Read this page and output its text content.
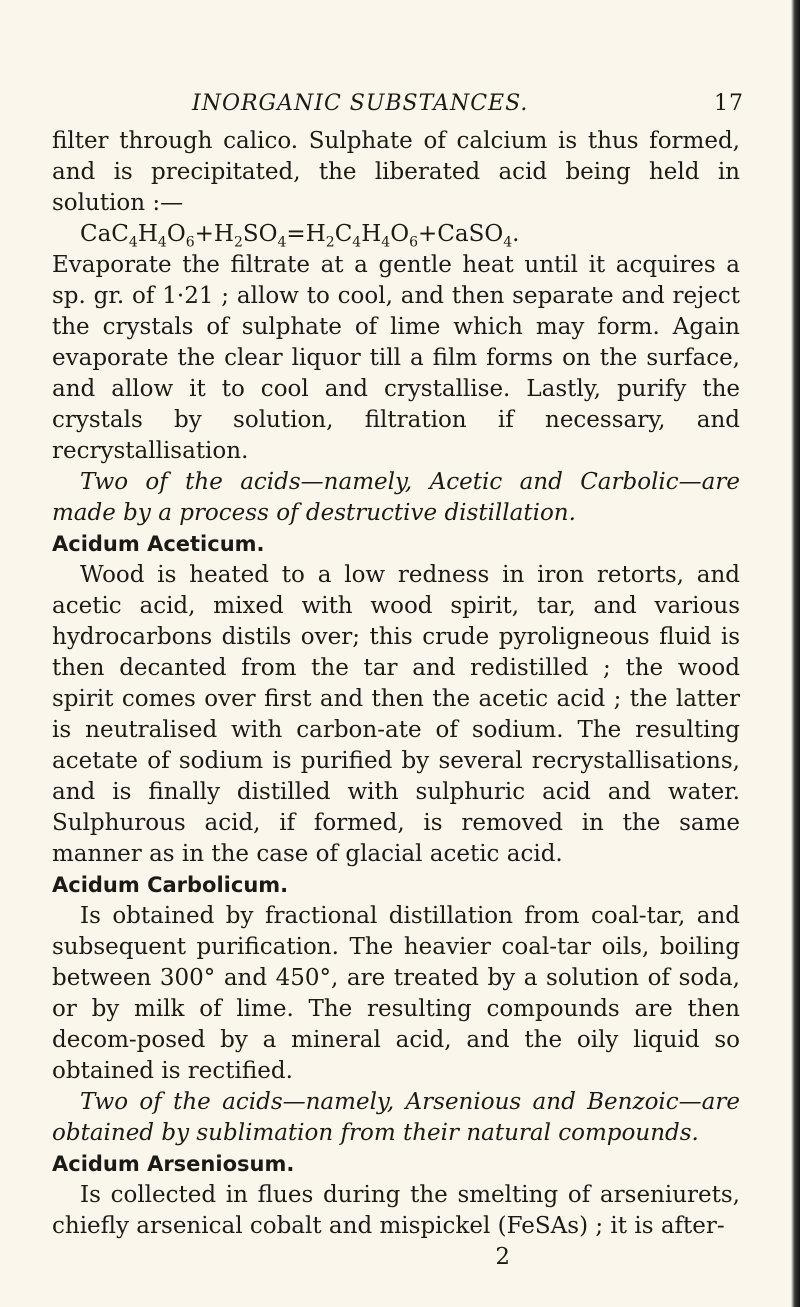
INORGANIC SUBSTANCES.	17

filter through calico. Sulphate of calcium is thus formed, and is precipitated, the liberated acid being held in solution :—

$CaC_4H_4O_6+H_2SO_4=H_2C_4H_4O_6+CaSO_4$.

Evaporate the filtrate at a gentle heat until it acquires a sp. gr. of 1·21 ; allow to cool, and then separate and reject the crystals of sulphate of lime which may form. Again evaporate the clear liquor till a film forms on the surface, and allow it to cool and crystallise. Lastly, purify the crystals by solution, filtration if necessary, and recrystallisation.

Two of the acids—namely, Acetic and Carbolic—are made by a process of destructive distillation.

Acidum Aceticum.

Wood is heated to a low redness in iron retorts, and acetic acid, mixed with wood spirit, tar, and various hydrocarbons distils over; this crude pyroligneous fluid is then decanted from the tar and redistilled ; the wood spirit comes over first and then the acetic acid ; the latter is neutralised with carbon-ate of sodium. The resulting acetate of sodium is purified by several recrystallisations, and is finally distilled with sulphuric acid and water. Sulphurous acid, if formed, is removed in the same manner as in the case of glacial acetic acid.

Acidum Carbolicum.

Is obtained by fractional distillation from coal-tar, and subsequent purification. The heavier coal-tar oils, boiling between 300° and 450°, are treated by a solution of soda, or by milk of lime. The resulting compounds are then decom-posed by a mineral acid, and the oily liquid so obtained is rectified.

Two of the acids—namely, Arsenious and Benzoic—are obtained by sublimation from their natural compounds.

Acidum Arseniosum.

Is collected in flues during the smelting of arseniurets, chiefly arsenical cobalt and mispickel (FeSAs) ; it is after-

2
